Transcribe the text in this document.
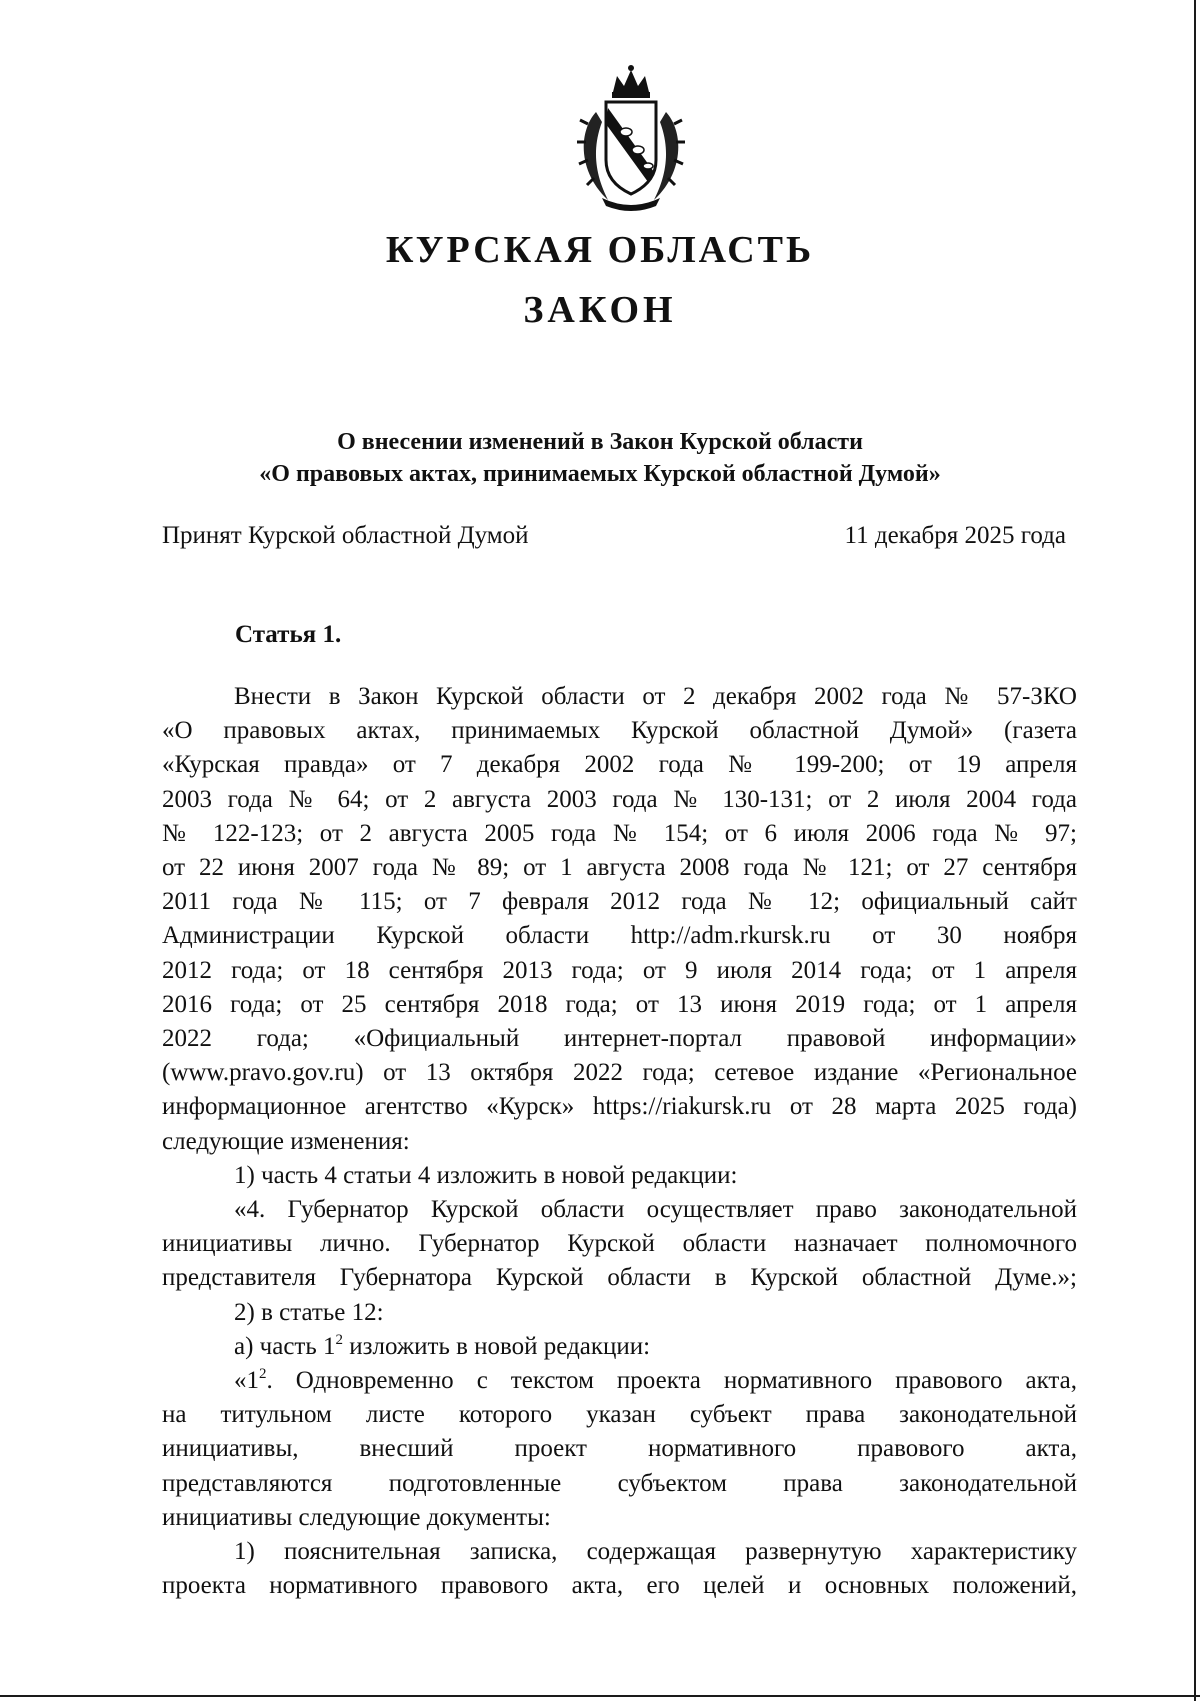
КУРСКАЯ ОБЛАСТЬ
ЗАКОН
О внесении изменений в Закон Курской области
«О правовых актах, принимаемых Курской областной Думой»
Принят Курской областной Думой	11 декабря 2025 года
Статья 1.

Внести в Закон Курской области от 2 декабря 2002 года № 57-ЗКО

«О правовых актах, принимаемых Курской областной Думой» (газета

«Курская правда» от 7 декабря 2002 года № 199-200; от 19 апреля

2003 года № 64; от 2 августа 2003 года № 130-131; от 2 июля 2004 года

№ 122-123; от 2 августа 2005 года № 154; от 6 июля 2006 года № 97;

от 22 июня 2007 года № 89; от 1 августа 2008 года № 121; от 27 сентября

2011 года № 115; от 7 февраля 2012 года № 12; официальный сайт

Администрации Курской области http://adm.rkursk.ru от 30 ноября

2012 года; от 18 сентября 2013 года; от 9 июля 2014 года; от 1 апреля

2016 года; от 25 сентября 2018 года; от 13 июня 2019 года; от 1 апреля

2022 года; «Официальный интернет-портал правовой информации»

(www.pravo.gov.ru) от 13 октября 2022 года; сетевое издание «Региональное

информационное агентство «Курск» https://riakursk.ru от 28 марта 2025 года)

следующие изменения:

1) часть 4 статьи 4 изложить в новой редакции:

«4. Губернатор Курской области осуществляет право законодательной

инициативы лично. Губернатор Курской области назначает полномочного

представителя Губернатора Курской области в Курской областной Думе.»;

2) в статье 12:

а) часть $1^2$ изложить в новой редакции:

«$1^2$. Одновременно с текстом проекта нормативного правового акта,

на титульном листе которого указан субъект права законодательной

инициативы, внесший проект нормативного правового акта,

представляются подготовленные субъектом права законодательной

инициативы следующие документы:

1) пояснительная записка, содержащая развернутую характеристику

проекта нормативного правового акта, его целей и основных положений,
